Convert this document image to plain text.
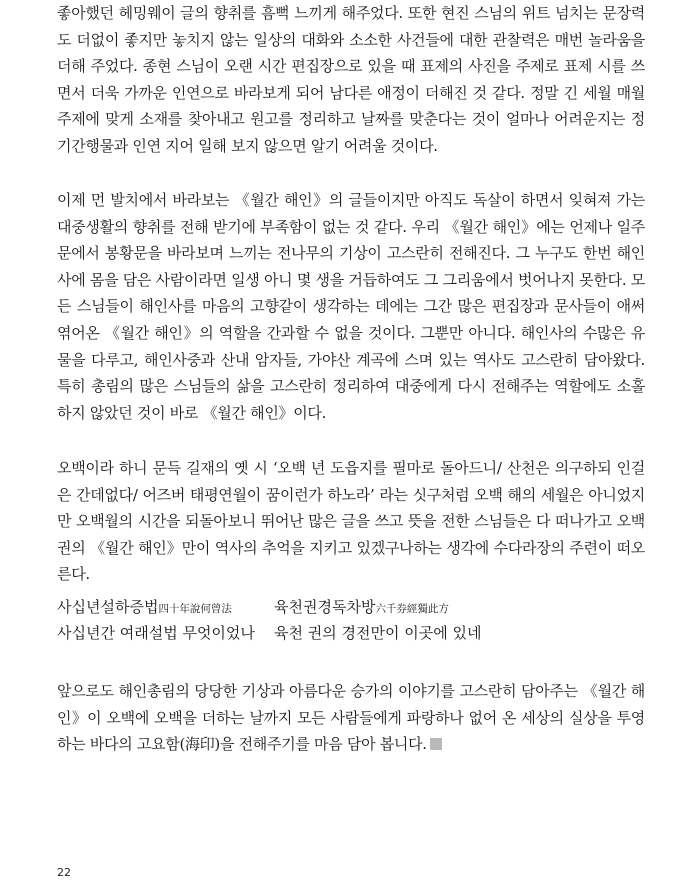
좋아했던 헤밍웨이 글의 향취를 흠뻑 느끼게 해주었다. 또한 현진 스님의 위트 넘치는 문장력도 더없이 좋지만 놓치지 않는 일상의 대화와 소소한 사건들에 대한 관찰력은 매번 놀라움을 더해 주었다. 종현 스님이 오랜 시간 편집장으로 있을 때 표제의 사진을 주제로 표제 시를 쓰면서 더욱 가까운 인연으로 바라보게 되어 남다른 애정이 더해진 것 같다. 정말 긴 세월 매월 주제에 맞게 소재를 찾아내고 원고를 정리하고 날짜를 맞춘다는 것이 얼마나 어려운지는 정기간행물과 인연 지어 일해 보지 않으면 알기 어려울 것이다.

이제 먼 발치에서 바라보는 《월간 해인》의 글들이지만 아직도 독살이 하면서 잊혀져 가는 대중생활의 향취를 전해 받기에 부족함이 없는 것 같다. 우리 《월간 해인》에는 언제나 일주문에서 봉황문을 바라보며 느끼는 전나무의 기상이 고스란히 전해진다. 그 누구도 한번 해인사에 몸을 담은 사람이라면 일생 아니 몇 생을 거듭하여도 그 그리움에서 벗어나지 못한다. 모든 스님들이 해인사를 마음의 고향같이 생각하는 데에는 그간 많은 편집장과 문사들이 애써 엮어온 《월간 해인》의 역할을 간과할 수 없을 것이다. 그뿐만 아니다. 해인사의 수많은 유물을 다루고, 해인사중과 산내 암자들, 가야산 계곡에 스며 있는 역사도 고스란히 담아왔다. 특히 총림의 많은 스님들의 삶을 고스란히 정리하여 대중에게 다시 전해주는 역할에도 소홀하지 않았던 것이 바로 《월간 해인》이다.

오백이라 하니 문득 길재의 옛 시 ‘오백 년 도읍지를 필마로 돌아드니/ 산천은 의구하되 인걸은 간데없다/ 어즈버 태평연월이 꿈이런가 하노라’ 라는 싯구처럼 오백 해의 세월은 아니었지만 오백월의 시간을 되돌아보니 뛰어난 많은 글을 쓰고 뜻을 전한 스님들은 다 떠나가고 오백 권의 《월간 해인》만이 역사의 추억을 지키고 있겠구나하는 생각에 수다라장의 주련이 떠오른다.

사십년설하증법四十年說何曾法	육천권경독차방六千券經獨此方
사십년간 여래설법 무엇이었나	육천 권의 경전만이 이곳에 있네

앞으로도 해인총림의 당당한 기상과 아름다운 승가의 이야기를 고스란히 담아주는 《월간 해인》이 오백에 오백을 더하는 날까지 모든 사람들에게 파랑하나 없어 온 세상의 실상을 투영하는 바다의 고요함(海印)을 전해주기를 마음 담아 봅니다.

22
